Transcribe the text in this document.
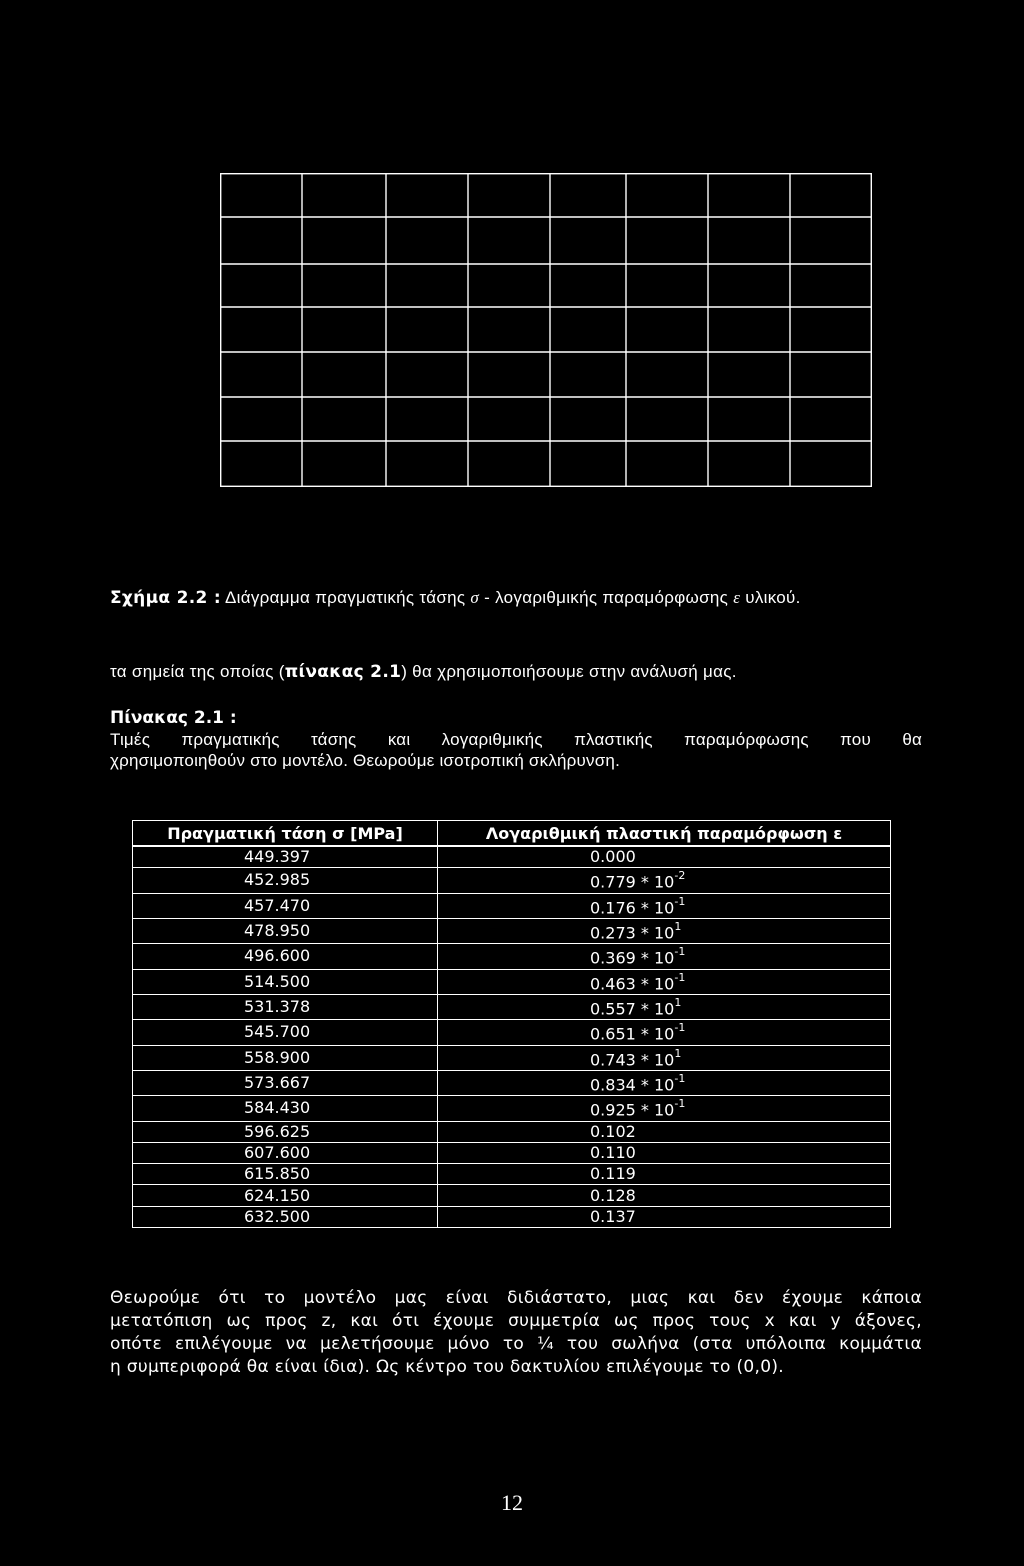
Σχήμα 2.2 : Διάγραμμα πραγματικής τάσης σ - λογαριθμικής παραμόρφωσης ε υλικού.
τα σημεία της οποίας (πίνακας 2.1) θα χρησιμοποιήσουμε στην ανάλυσή μας.
Πίνακας 2.1 :
Τιμές πραγματικής τάσης και λογαριθμικής πλαστικής παραμόρφωσης που θα
χρησιμοποιηθούν στο μοντέλο. Θεωρούμε ισοτροπική σκλήρυνση.
Πραγματική τάση σ [MPa]	Λογαριθμική πλαστική παραμόρφωση ε
449.397	0.000
452.985	$0.779 * 10^{-2}$
457.470	$0.176 * 10^{-1}$
478.950	$0.273 * 10^1$
496.600	$0.369 * 10^{-1}$
514.500	$0.463 * 10^{-1}$
531.378	$0.557 * 10^1$
545.700	$0.651 * 10^{-1}$
558.900	$0.743 * 10^1$
573.667	$0.834 * 10^{-1}$
584.430	$0.925 * 10^{-1}$
596.625	0.102
607.600	0.110
615.850	0.119
624.150	0.128
632.500	0.137

Θεωρούμε ότι το μοντέλο μας είναι διδιάστατο, μιας και δεν έχουμε κάποια

μετατόπιση ως προς z, και ότι έχουμε συμμετρία ως προς τους x και y άξονες,

οπότε επιλέγουμε να μελετήσουμε μόνο το ¼ του σωλήνα (στα υπόλοιπα κομμάτια

η συμπεριφορά θα είναι ίδια). Ως κέντρο του δακτυλίου επιλέγουμε το (0,0).

12
